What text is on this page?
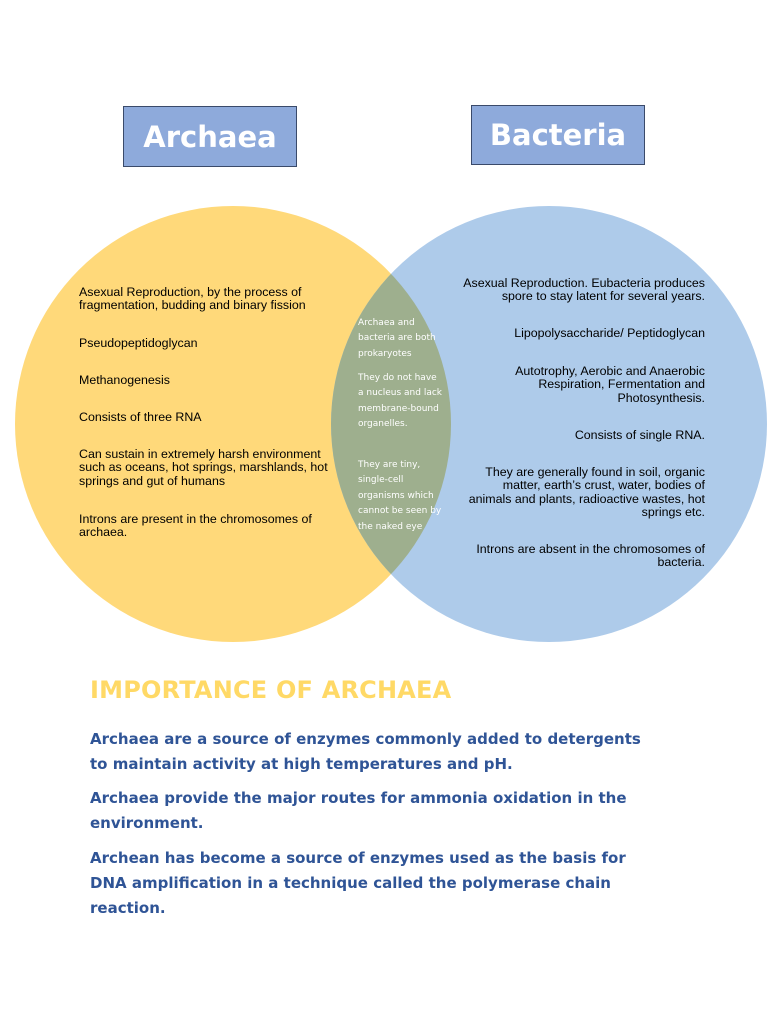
Archaea	Bacteria

Asexual Reproduction, by the process of fragmentation, budding and binary fission

Pseudopeptidoglycan

Methanogenesis

Consists of three RNA

Can sustain in extremely harsh environment such as oceans, hot springs, marshlands, hot springs and gut of humans

Introns are present in the chromosomes of archaea.

Asexual Reproduction. Eubacteria produces spore to stay latent for several years.

Lipopolysaccharide/ Peptidoglycan

Autotrophy, Aerobic and Anaerobic Respiration, Fermentation and Photosynthesis.

Consists of single RNA.

They are generally found in soil, organic matter, earth’s crust, water, bodies of animals and plants, radioactive wastes, hot springs etc.

Introns are absent in the chromosomes of bacteria.

Archaea and bacteria are both prokaryotes

They do not have a nucleus and lack membrane-bound organelles.

They are tiny, single-cell organisms which cannot be seen by the naked eye

IMPORTANCE OF ARCHAEA

Archaea are a source of enzymes commonly added to detergents to maintain activity at high temperatures and pH.

Archaea provide the major routes for ammonia oxidation in the environment.

Archean has become a source of enzymes used as the basis for DNA amplification in a technique called the polymerase chain reaction.
